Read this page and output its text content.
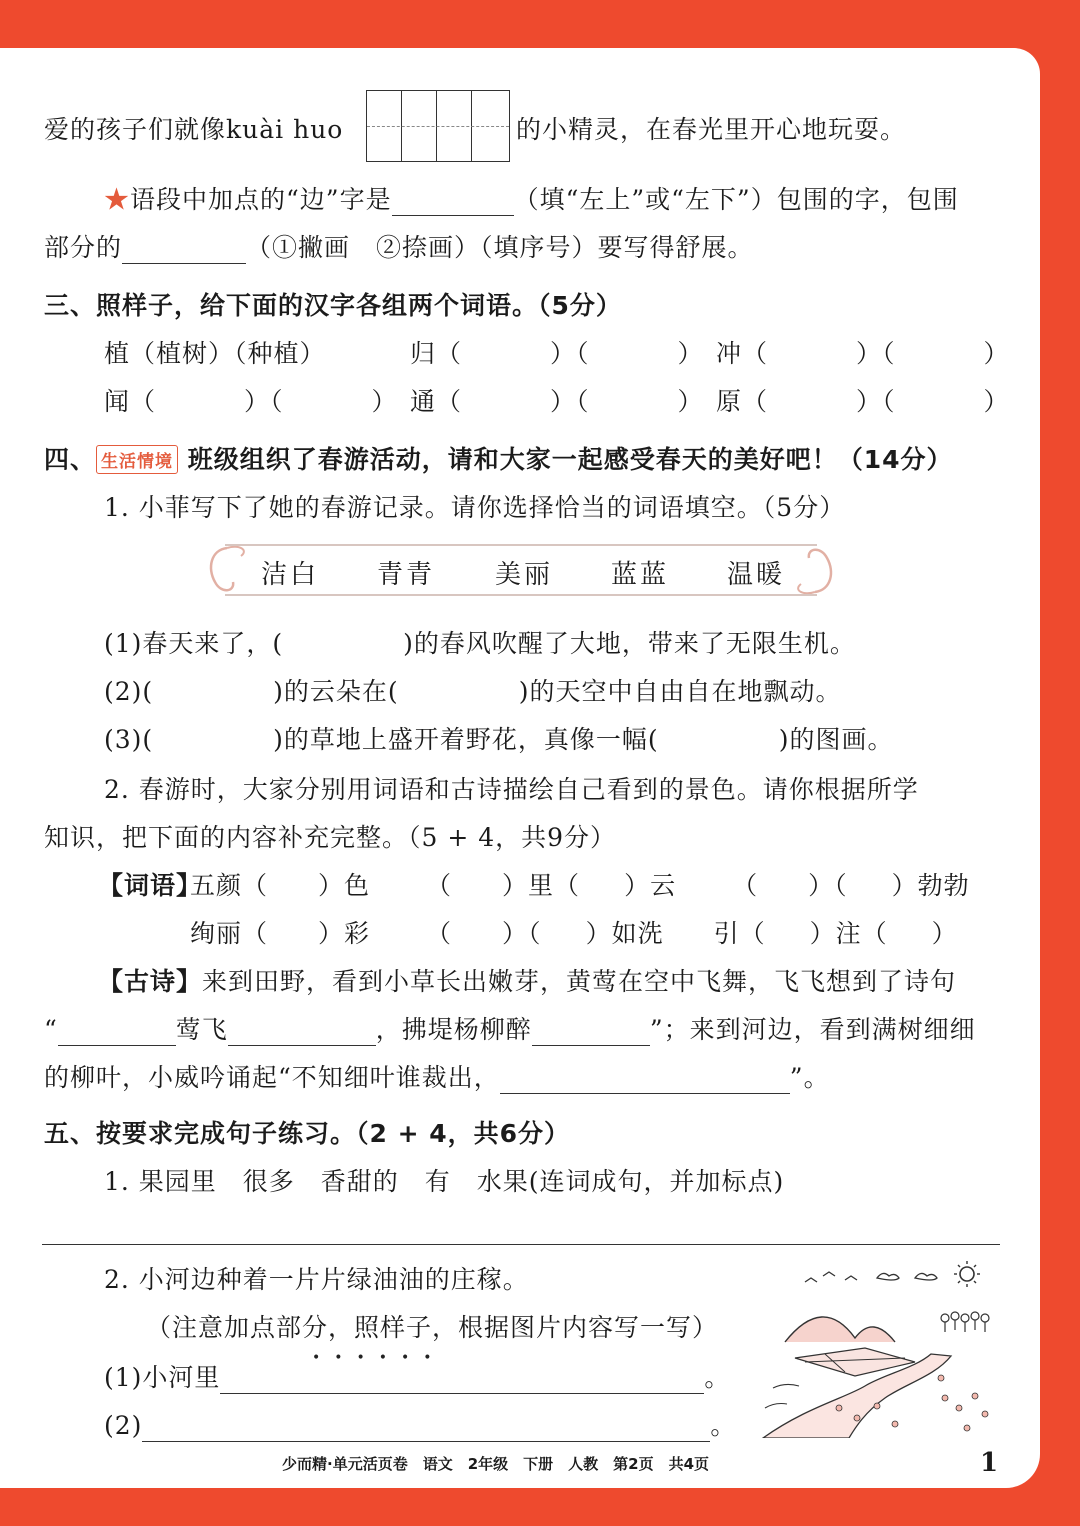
爱的孩子们就像kuài huo	的小精灵，在春光里开心地玩耍。
★语段中加点的“边”字是	（填“左上”或“左下”）包围的字，包围
部分的	（①撇画　②捺画）（填序号）要写得舒展。
三、照样子，给下面的汉字各组两个词语。（5分）
植（植树）（种植）	归（	）（	） 冲（	）（	）
闻（	）（	） 通（	）（	） 原（	）（	）
四、 生活情境 班级组织了春游活动，请和大家一起感受春天的美好吧！（14分）
1. 小菲写下了她的春游记录。请你选择恰当的词语填空。（5分）
洁白 青青 美丽 蓝蓝 温暖
(1)春天来了，(	)的春风吹醒了大地，带来了无限生机。
(2)(	)的云朵在(	)的天空中自由自在地飘动。
(3)(	)的草地上盛开着野花，真像一幅(	)的图画。
2. 春游时，大家分别用词语和古诗描绘自己看到的景色。请你根据所学
知识，把下面的内容补充完整。（5 + 4，共9分）
【词语】
五颜（ ）色 （ ）里（ ）云 （ ）（ ）勃勃
绚丽（ ）彩 （ ）（ ）如洗 引（ ）注（ ）
【古诗】来到田野，看到小草长出嫩芽，黄莺在空中飞舞，飞飞想到了诗句
“	莺飞	，拂堤杨柳醉	”；来到河边，看到满树细细
的柳叶，小威吟诵起“不知细叶谁裁出，	”。
五、按要求完成句子练习。（2 + 4，共6分）
1. 果园里　很多　香甜的　有　水果(连词成句，并加标点)
2. 小河边种着一片片绿油油的庄稼。
••••••
（注意加点部分，照样子，根据图片内容写一写）
(1)小河里	。
(2)	。
少而精·单元活页卷　语文　2年级　下册　人教　第2页　共4页	1
